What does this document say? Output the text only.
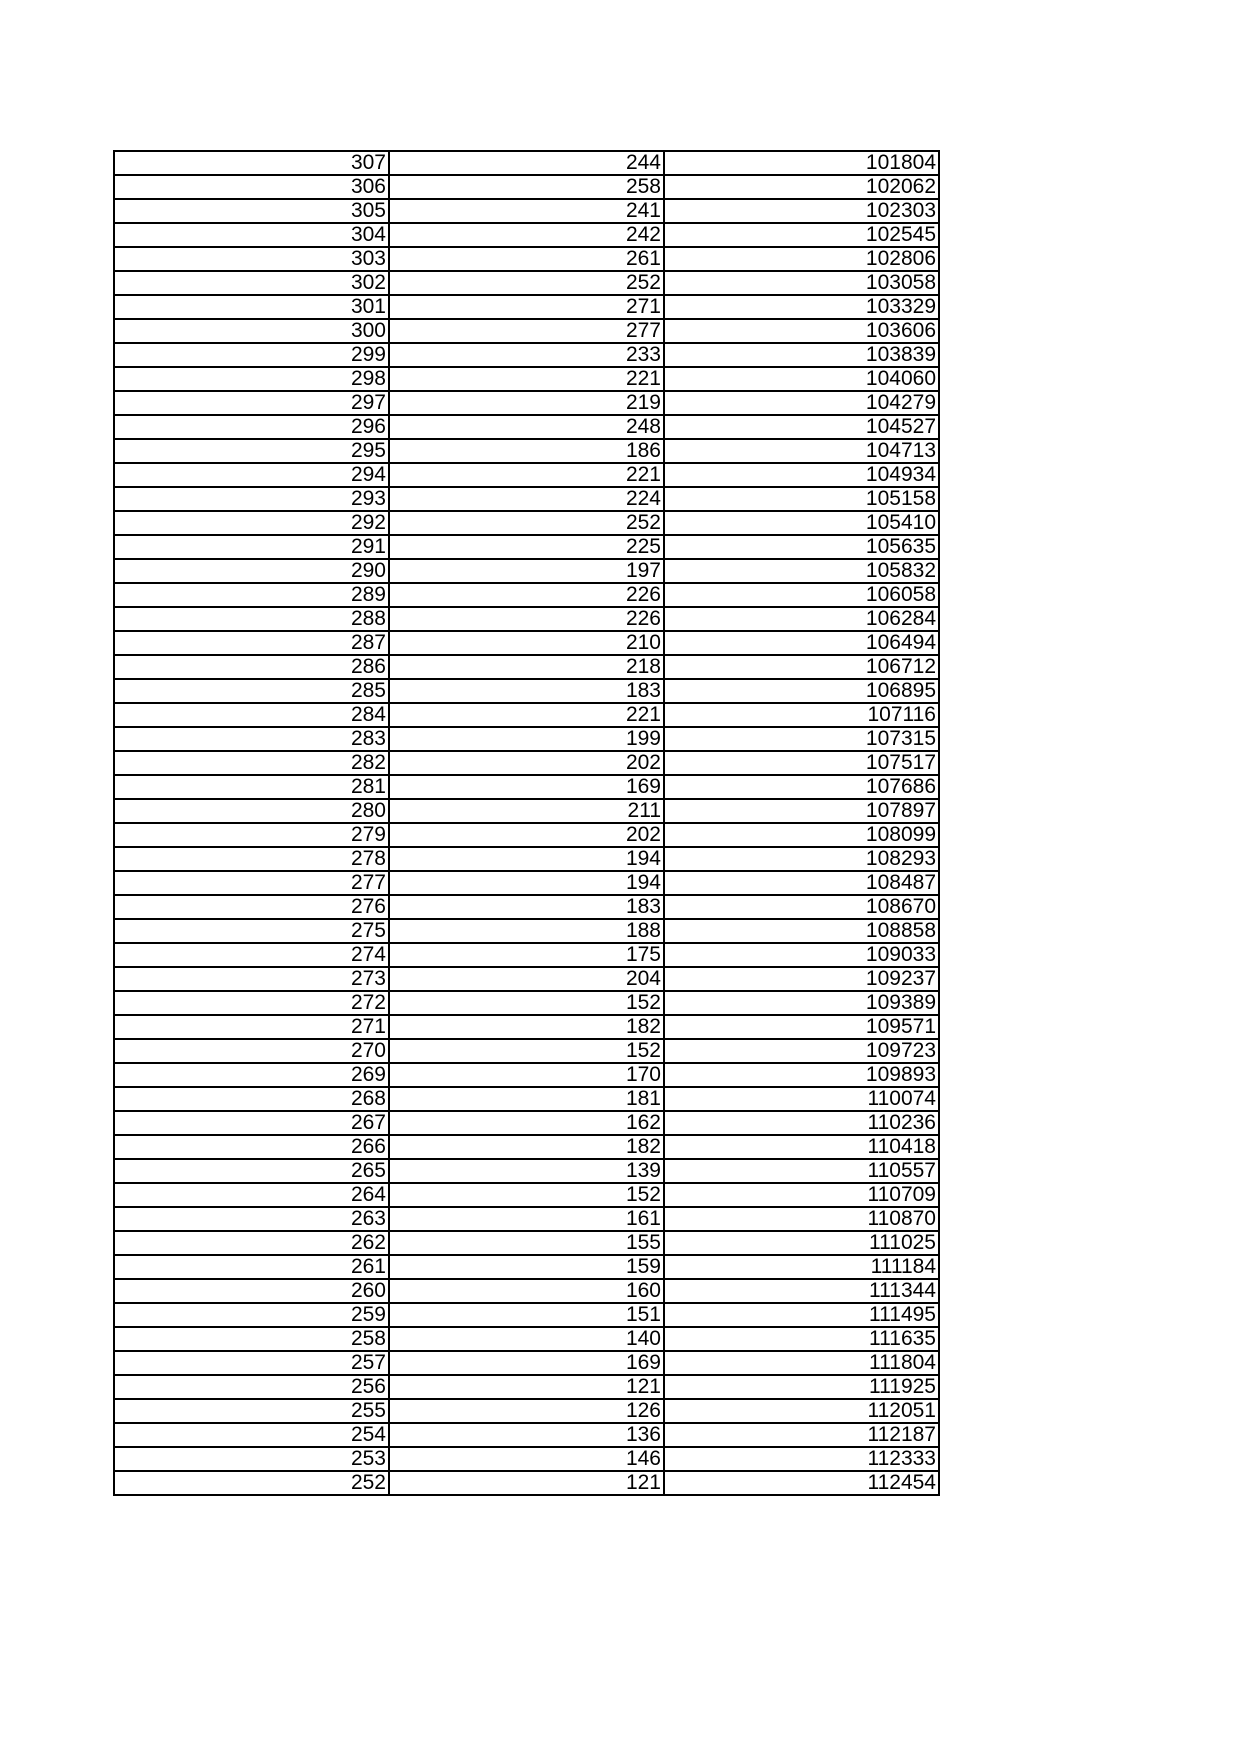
307	244	101804
306	258	102062
305	241	102303
304	242	102545
303	261	102806
302	252	103058
301	271	103329
300	277	103606
299	233	103839
298	221	104060
297	219	104279
296	248	104527
295	186	104713
294	221	104934
293	224	105158
292	252	105410
291	225	105635
290	197	105832
289	226	106058
288	226	106284
287	210	106494
286	218	106712
285	183	106895
284	221	107116
283	199	107315
282	202	107517
281	169	107686
280	211	107897
279	202	108099
278	194	108293
277	194	108487
276	183	108670
275	188	108858
274	175	109033
273	204	109237
272	152	109389
271	182	109571
270	152	109723
269	170	109893
268	181	110074
267	162	110236
266	182	110418
265	139	110557
264	152	110709
263	161	110870
262	155	111025
261	159	111184
260	160	111344
259	151	111495
258	140	111635
257	169	111804
256	121	111925
255	126	112051
254	136	112187
253	146	112333
252	121	112454
